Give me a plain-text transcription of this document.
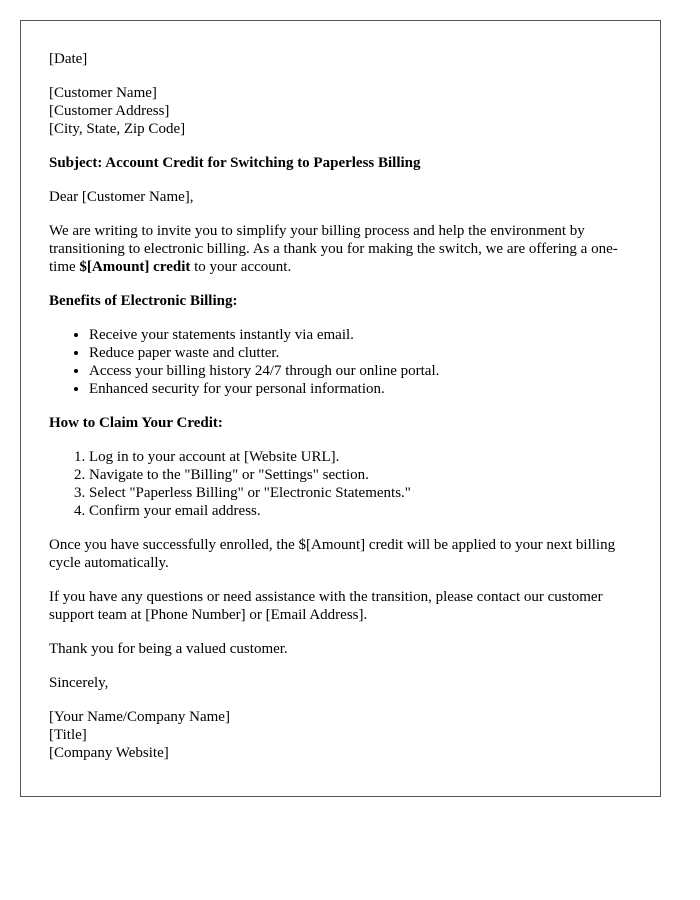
[Date]

[Customer Name]
[Customer Address]
[City, State, Zip Code]

Subject: Account Credit for Switching to Paperless Billing

Dear [Customer Name],

We are writing to invite you to simplify your billing process and help the environment by transitioning to electronic billing. As a thank you for making the switch, we are offering a one-time $[Amount] credit to your account.

Benefits of Electronic Billing:

• Receive your statements instantly via email.
• Reduce paper waste and clutter.
• Access your billing history 24/7 through our online portal.
• Enhanced security for your personal information.

How to Claim Your Credit:

1. Log in to your account at [Website URL].
2. Navigate to the "Billing" or "Settings" section.
3. Select "Paperless Billing" or "Electronic Statements."
4. Confirm your email address.

Once you have successfully enrolled, the $[Amount] credit will be applied to your next billing cycle automatically.

If you have any questions or need assistance with the transition, please contact our customer support team at [Phone Number] or [Email Address].

Thank you for being a valued customer.

Sincerely,

[Your Name/Company Name]
[Title]
[Company Website]
